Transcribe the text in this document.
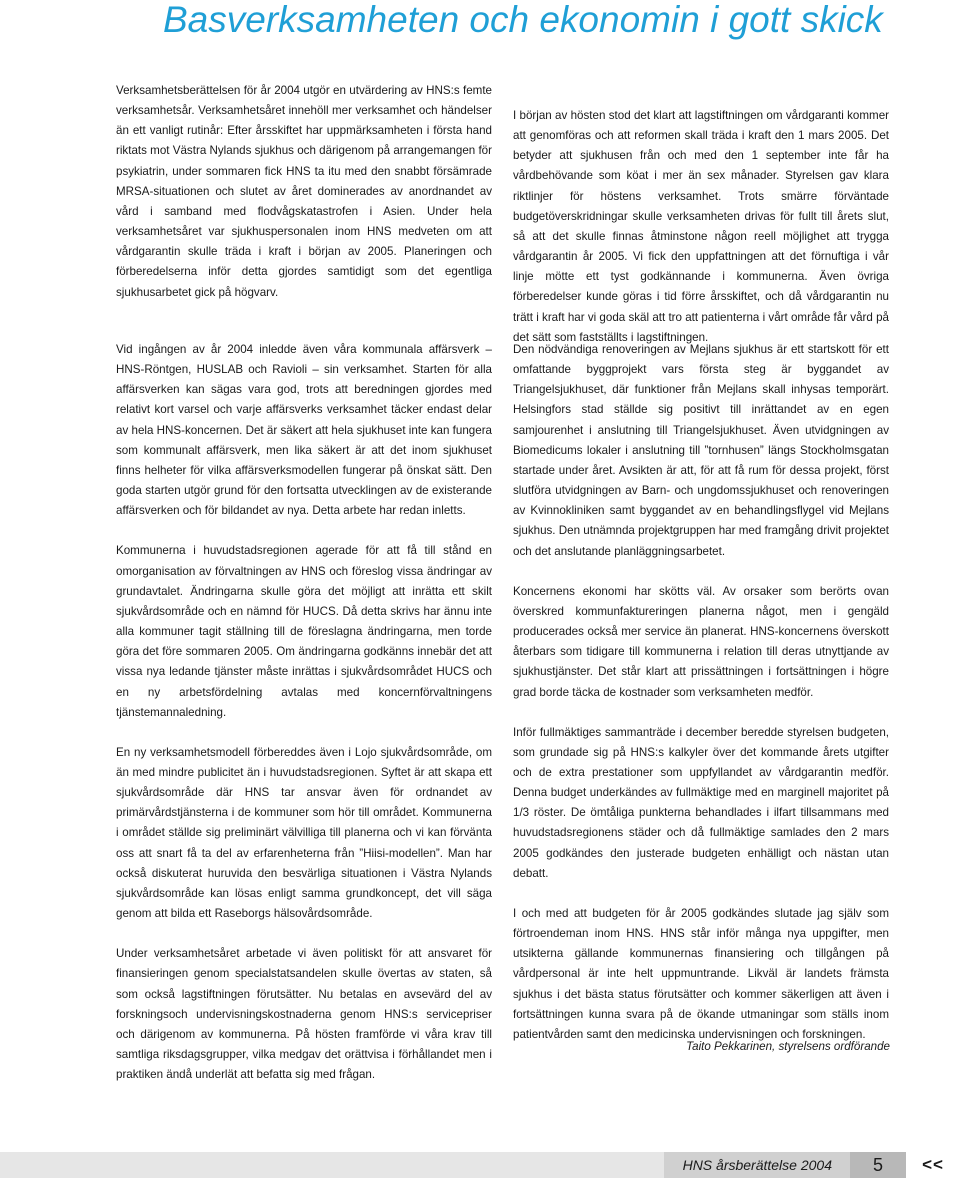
Basverksamheten och ekonomin i gott skick

Verksamhetsberättelsen för år 2004 utgör en utvärdering av HNS:s femte verksamhetsår. Verksamhetsåret innehöll mer verksamhet och händelser än ett vanligt rutinår: Efter årsskiftet har uppmärksamheten i första hand riktats mot Västra Nylands sjukhus och därigenom på arrangemangen för psykiatrin, under sommaren fick HNS ta itu med den snabbt försämrade MRSA-situationen och slutet av året dominerades av anordnandet av vård i samband med flodvågskatastrofen i Asien. Under hela verksamhetsåret var sjukhuspersonalen inom HNS medveten om att vårdgarantin skulle träda i kraft i början av 2005. Planeringen och förberedelserna inför detta gjordes samtidigt som det egentliga sjukhusarbetet gick på högvarv.

I början av hösten stod det klart att lagstiftningen om vårdgaranti kommer att genomföras och att reformen skall träda i kraft den 1 mars 2005. Det betyder att sjukhusen från och med den 1 september inte får ha vårdbehövande som köat i mer än sex månader. Styrelsen gav klara riktlinjer för höstens verksamhet. Trots smärre förväntade budgetöverskridningar skulle verksamheten drivas för fullt till årets slut, så att det skulle finnas åtminstone någon reell möjlighet att trygga vårdgarantin år 2005. Vi fick den uppfattningen att det förnuftiga i vår linje mötte ett tyst godkännande i kommunerna. Även övriga förberedelser kunde göras i tid förre årsskiftet, och då vårdgarantin nu trätt i kraft har vi goda skäl att tro att patienterna i vårt område får vård på det sätt som fastställts i lagstiftningen.

Vid ingången av år 2004 inledde även våra kommunala affärsverk – HNS-Röntgen, HUSLAB och Ravioli – sin verksamhet. Starten för alla affärsverken kan sägas vara god, trots att beredningen gjordes med relativt kort varsel och varje affärsverks verksamhet täcker endast delar av hela HNS-koncernen. Det är säkert att hela sjukhuset inte kan fungera som kommunalt affärsverk, men lika säkert är att det inom sjukhuset finns helheter för vilka affärsverksmodellen fungerar på önskat sätt. Den goda starten utgör grund för den fortsatta utvecklingen av de existerande affärsverken och för bildandet av nya. Detta arbete har redan inletts.

Kommunerna i huvudstadsregionen agerade för att få till stånd en omorganisation av förvaltningen av HNS och föreslog vissa ändringar av grundavtalet. Ändringarna skulle göra det möjligt att inrätta ett skilt sjukvårdsområde och en nämnd för HUCS. Då detta skrivs har ännu inte alla kommuner tagit ställning till de föreslagna ändringarna, men torde göra det före sommaren 2005. Om ändringarna godkänns innebär det att vissa nya ledande tjänster måste inrättas i sjukvårdsområdet HUCS och en ny arbetsfördelning avtalas med koncernförvaltningens tjänstemannaledning.

En ny verksamhetsmodell förbereddes även i Lojo sjukvårdsområde, om än med mindre publicitet än i huvudstadsregionen. Syftet är att skapa ett sjukvårdsområde där HNS tar ansvar även för ordnandet av primärvårdstjänsterna i de kommuner som hör till området. Kommunerna i området ställde sig preliminärt välvilliga till planerna och vi kan förvänta oss att snart få ta del av erfarenheterna från ”Hiisi-modellen”. Man har också diskuterat huruvida den besvärliga situationen i Västra Nylands sjukvårdsområde kan lösas enligt samma grundkoncept, det vill säga genom att bilda ett Raseborgs hälsovårdsområde.

Under verksamhetsåret arbetade vi även politiskt för att ansvaret för finansieringen genom specialstatsandelen skulle övertas av staten, så som också lagstiftningen förutsätter. Nu betalas en avsevärd del av forskningsoch undervisningskostnaderna genom HNS:s servicepriser och därigenom av kommunerna. På hösten framförde vi våra krav till samtliga riksdagsgrupper, vilka medgav det orättvisa i förhållandet men i praktiken ändå underlät att befatta sig med frågan.

Den nödvändiga renoveringen av Mejlans sjukhus är ett startskott för ett omfattande byggprojekt vars första steg är byggandet av Triangelsjukhuset, där funktioner från Mejlans skall inhysas temporärt. Helsingfors stad ställde sig positivt till inrättandet av en egen samjourenhet i anslutning till Triangelsjukhuset. Även utvidgningen av Biomedicums lokaler i anslutning till ”tornhusen” längs Stockholmsgatan startade under året. Avsikten är att, för att få rum för dessa projekt, först slutföra utvidgningen av Barn- och ungdomssjukhuset och renoveringen av Kvinnokliniken samt byggandet av en behandlingsflygel vid Mejlans sjukhus. Den utnämnda projektgruppen har med framgång drivit projektet och det anslutande planläggningsarbetet.

Koncernens ekonomi har skötts väl. Av orsaker som berörts ovan överskred kommunfaktureringen planerna något, men i gengäld producerades också mer service än planerat. HNS-koncernens överskott återbars som tidigare till kommunerna i relation till deras utnyttjande av sjukhustjänster. Det står klart att prissättningen i fortsättningen i högre grad borde täcka de kostnader som verksamheten medför.

Inför fullmäktiges sammanträde i december beredde styrelsen budgeten, som grundade sig på HNS:s kalkyler över det kommande årets utgifter och de extra prestationer som uppfyllandet av vårdgarantin medför. Denna budget underkändes av fullmäktige med en marginell majoritet på 1/3 röster. De ömtåliga punkterna behandlades i ilfart tillsammans med huvudstadsregionens städer och då fullmäktige samlades den 2 mars 2005 godkändes den justerade budgeten enhälligt och nästan utan debatt.

I och med att budgeten för år 2005 godkändes slutade jag själv som förtroendeman inom HNS. HNS står inför många nya uppgifter, men utsikterna gällande kommunernas finansiering och tillgången på vårdpersonal är inte helt uppmuntrande. Likväl är landets främsta sjukhus i det bästa status förutsätter och kommer säkerligen att även i fortsättningen kunna svara på de ökande utmaningar som ställs inom patientvården samt den medicinska undervisningen och forskningen.

Taito Pekkarinen, styrelsens ordförande

HNS årsberättelse 2004	5	<<
